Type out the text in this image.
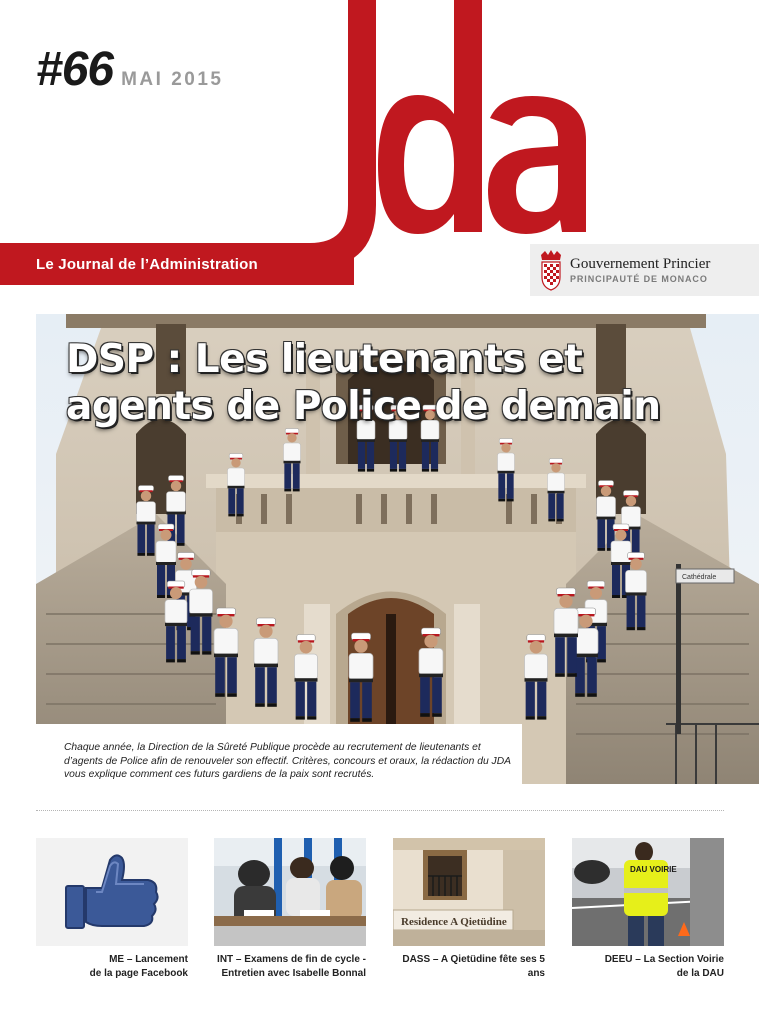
#66 MAI 2015
Le Journal de l’Administration	Gouvernement Princier
PRINCIPAUTÉ DE MONACO
Cathédrale
DSP : Les lieutenants et
agents de Police de demain

Chaque année, la Direction de la Sûreté Publique procède au recrutement de lieutenants et d’agents de Police afin de renouveler son effectif. Critères, concours et oraux, la rédaction du JDA vous explique comment ces futurs gardiens de la paix sont recrutés.

ME – Lancement
de la page Facebook
INT – Examens de fin de cycle -
Entretien avec Isabelle Bonnal
Residence A Qietüdine
DASS – A Qietüdine fête ses 5 ans
DAU VOIRIE
DEEU – La Section Voirie
de la DAU
